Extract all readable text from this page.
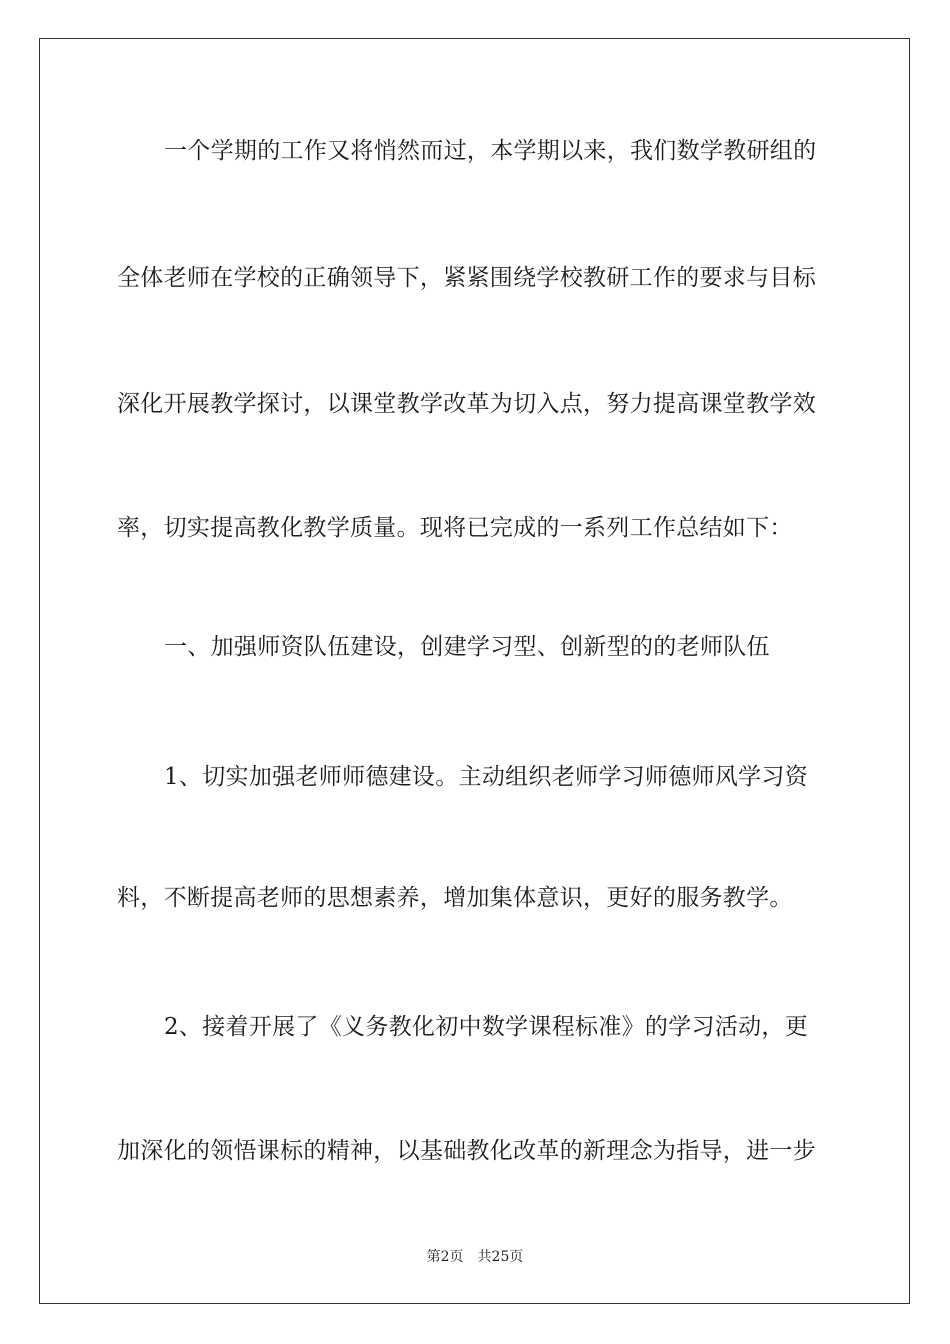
一个学期的工作又将悄然而过，本学期以来，我们数学教研组的
全体老师在学校的正确领导下，紧紧围绕学校教研工作的要求与目标
深化开展教学探讨，以课堂教学改革为切入点，努力提高课堂教学效
率，切实提高教化教学质量。现将已完成的一系列工作总结如下：
一、加强师资队伍建设，创建学习型、创新型的的老师队伍
1、切实加强老师师德建设。主动组织老师学习师德师风学习资
料，不断提高老师的思想素养，增加集体意识，更好的服务教学。
2、接着开展了《义务教化初中数学课程标准》的学习活动，更
加深化的领悟课标的精神，以基础教化改革的新理念为指导，进一步
第2页 共25页
